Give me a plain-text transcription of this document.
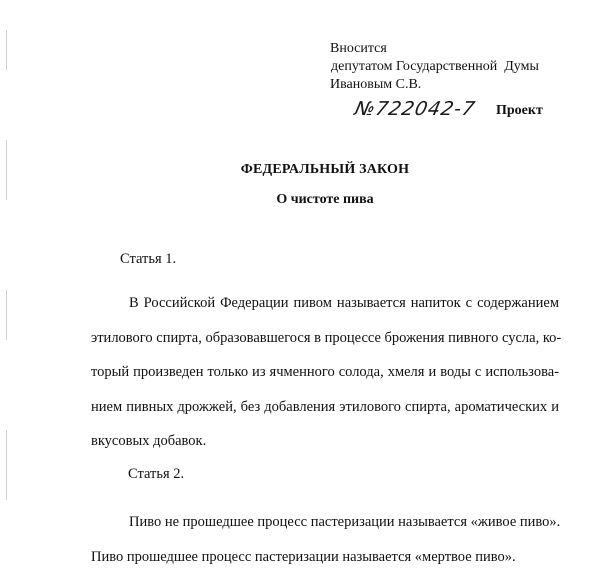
Вносится
депутатом Государственной  Думы
Ивановым С.В.
№722042-7 Проект
ФЕДЕРАЛЬНЫЙ ЗАКОН
О чистоте пива
Статья 1.
В Российской Федерации пивом называется напиток с содержанием
этилового спирта, образовавшегося в процессе брожения пивного сусла, ко-
торый произведен только из ячменного солода, хмеля и воды с использова-
нием пивных дрожжей, без добавления этилового спирта, ароматических и
вкусовых добавок.
Статья 2.
Пиво не прошедшее процесс пастеризации называется «живое пиво».
Пиво прошедшее процесс пастеризации называется «мертвое пиво».
